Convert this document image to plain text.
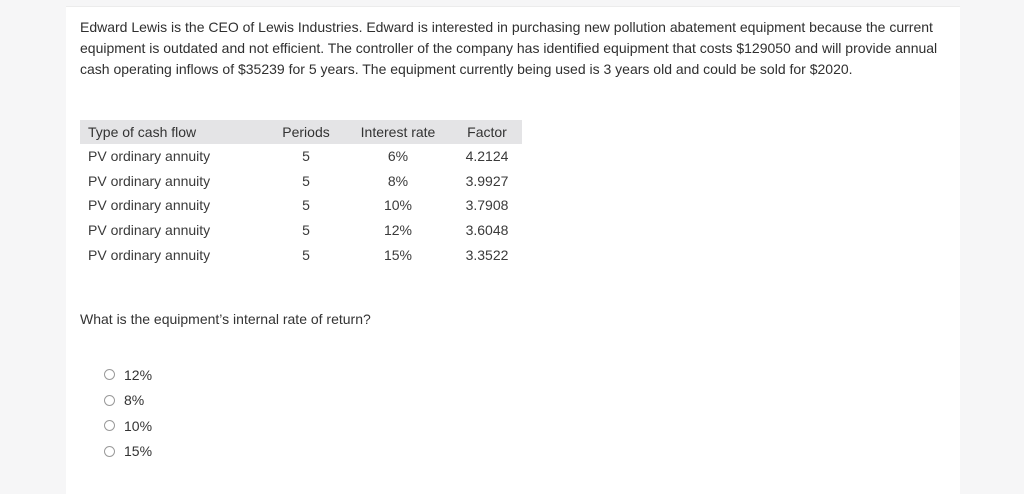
Edward Lewis is the CEO of Lewis Industries. Edward is interested in purchasing new pollution abatement equipment because the current equipment is outdated and not efficient. The controller of the company has identified equipment that costs $129050 and will provide annual cash operating inflows of $35239 for 5 years. The equipment currently being used is 3 years old and could be sold for $2020.
Type of cash flow	Periods	Interest rate	Factor
PV ordinary annuity	5	6%	4.2124
PV ordinary annuity	5	8%	3.9927
PV ordinary annuity	5	10%	3.7908
PV ordinary annuity	5	12%	3.6048
PV ordinary annuity	5	15%	3.3522
What is the equipment’s internal rate of return?
12%
8%
10%
15%
